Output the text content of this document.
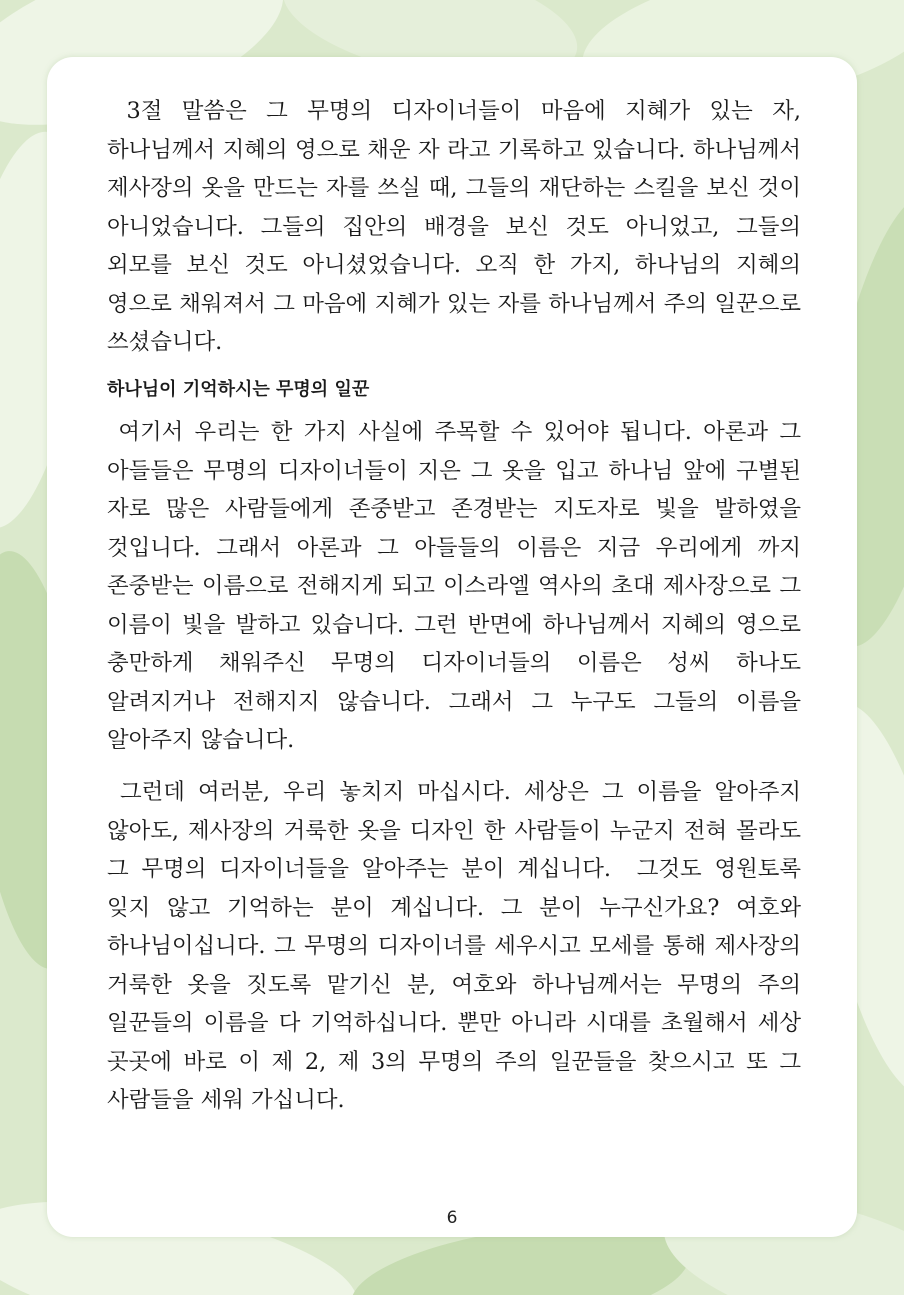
3절 말씀은 그 무명의 디자이너들이 마음에 지혜가 있는 자, 하나님께서 지혜의 영으로 채운 자 라고 기록하고 있습니다. 하나님께서 제사장의 옷을 만드는 자를 쓰실 때, 그들의 재단하는 스킬을 보신 것이 아니었습니다. 그들의 집안의 배경을 보신 것도 아니었고, 그들의 외모를 보신 것도 아니셨었습니다. 오직 한 가지, 하나님의 지혜의 영으로 채워져서 그 마음에 지혜가 있는 자를 하나님께서 주의 일꾼으로 쓰셨습니다.

하나님이 기억하시는 무명의 일꾼

여기서 우리는 한 가지 사실에 주목할 수 있어야 됩니다. 아론과 그 아들들은 무명의 디자이너들이 지은 그 옷을 입고 하나님 앞에 구별된 자로 많은 사람들에게 존중받고 존경받는 지도자로 빛을 발하였을 것입니다. 그래서 아론과 그 아들들의 이름은 지금 우리에게 까지 존중받는 이름으로 전해지게 되고 이스라엘 역사의 초대 제사장으로 그 이름이 빛을 발하고 있습니다. 그런 반면에 하나님께서 지혜의 영으로 충만하게 채워주신 무명의 디자이너들의 이름은 성씨 하나도 알려지거나 전해지지 않습니다. 그래서 그 누구도 그들의 이름을 알아주지 않습니다.

그런데 여러분, 우리 놓치지 마십시다. 세상은 그 이름을 알아주지 않아도, 제사장의 거룩한 옷을 디자인 한 사람들이 누군지 전혀 몰라도 그 무명의 디자이너들을 알아주는 분이 계십니다.  그것도 영원토록 잊지 않고 기억하는 분이 계십니다. 그 분이 누구신가요? 여호와 하나님이십니다. 그 무명의 디자이너를 세우시고 모세를 통해 제사장의 거룩한 옷을 짓도록 맡기신 분, 여호와 하나님께서는 무명의 주의 일꾼들의 이름을 다 기억하십니다. 뿐만 아니라 시대를 초월해서 세상 곳곳에 바로 이 제 2, 제 3의 무명의 주의 일꾼들을 찾으시고 또 그 사람들을 세워 가십니다.

6
